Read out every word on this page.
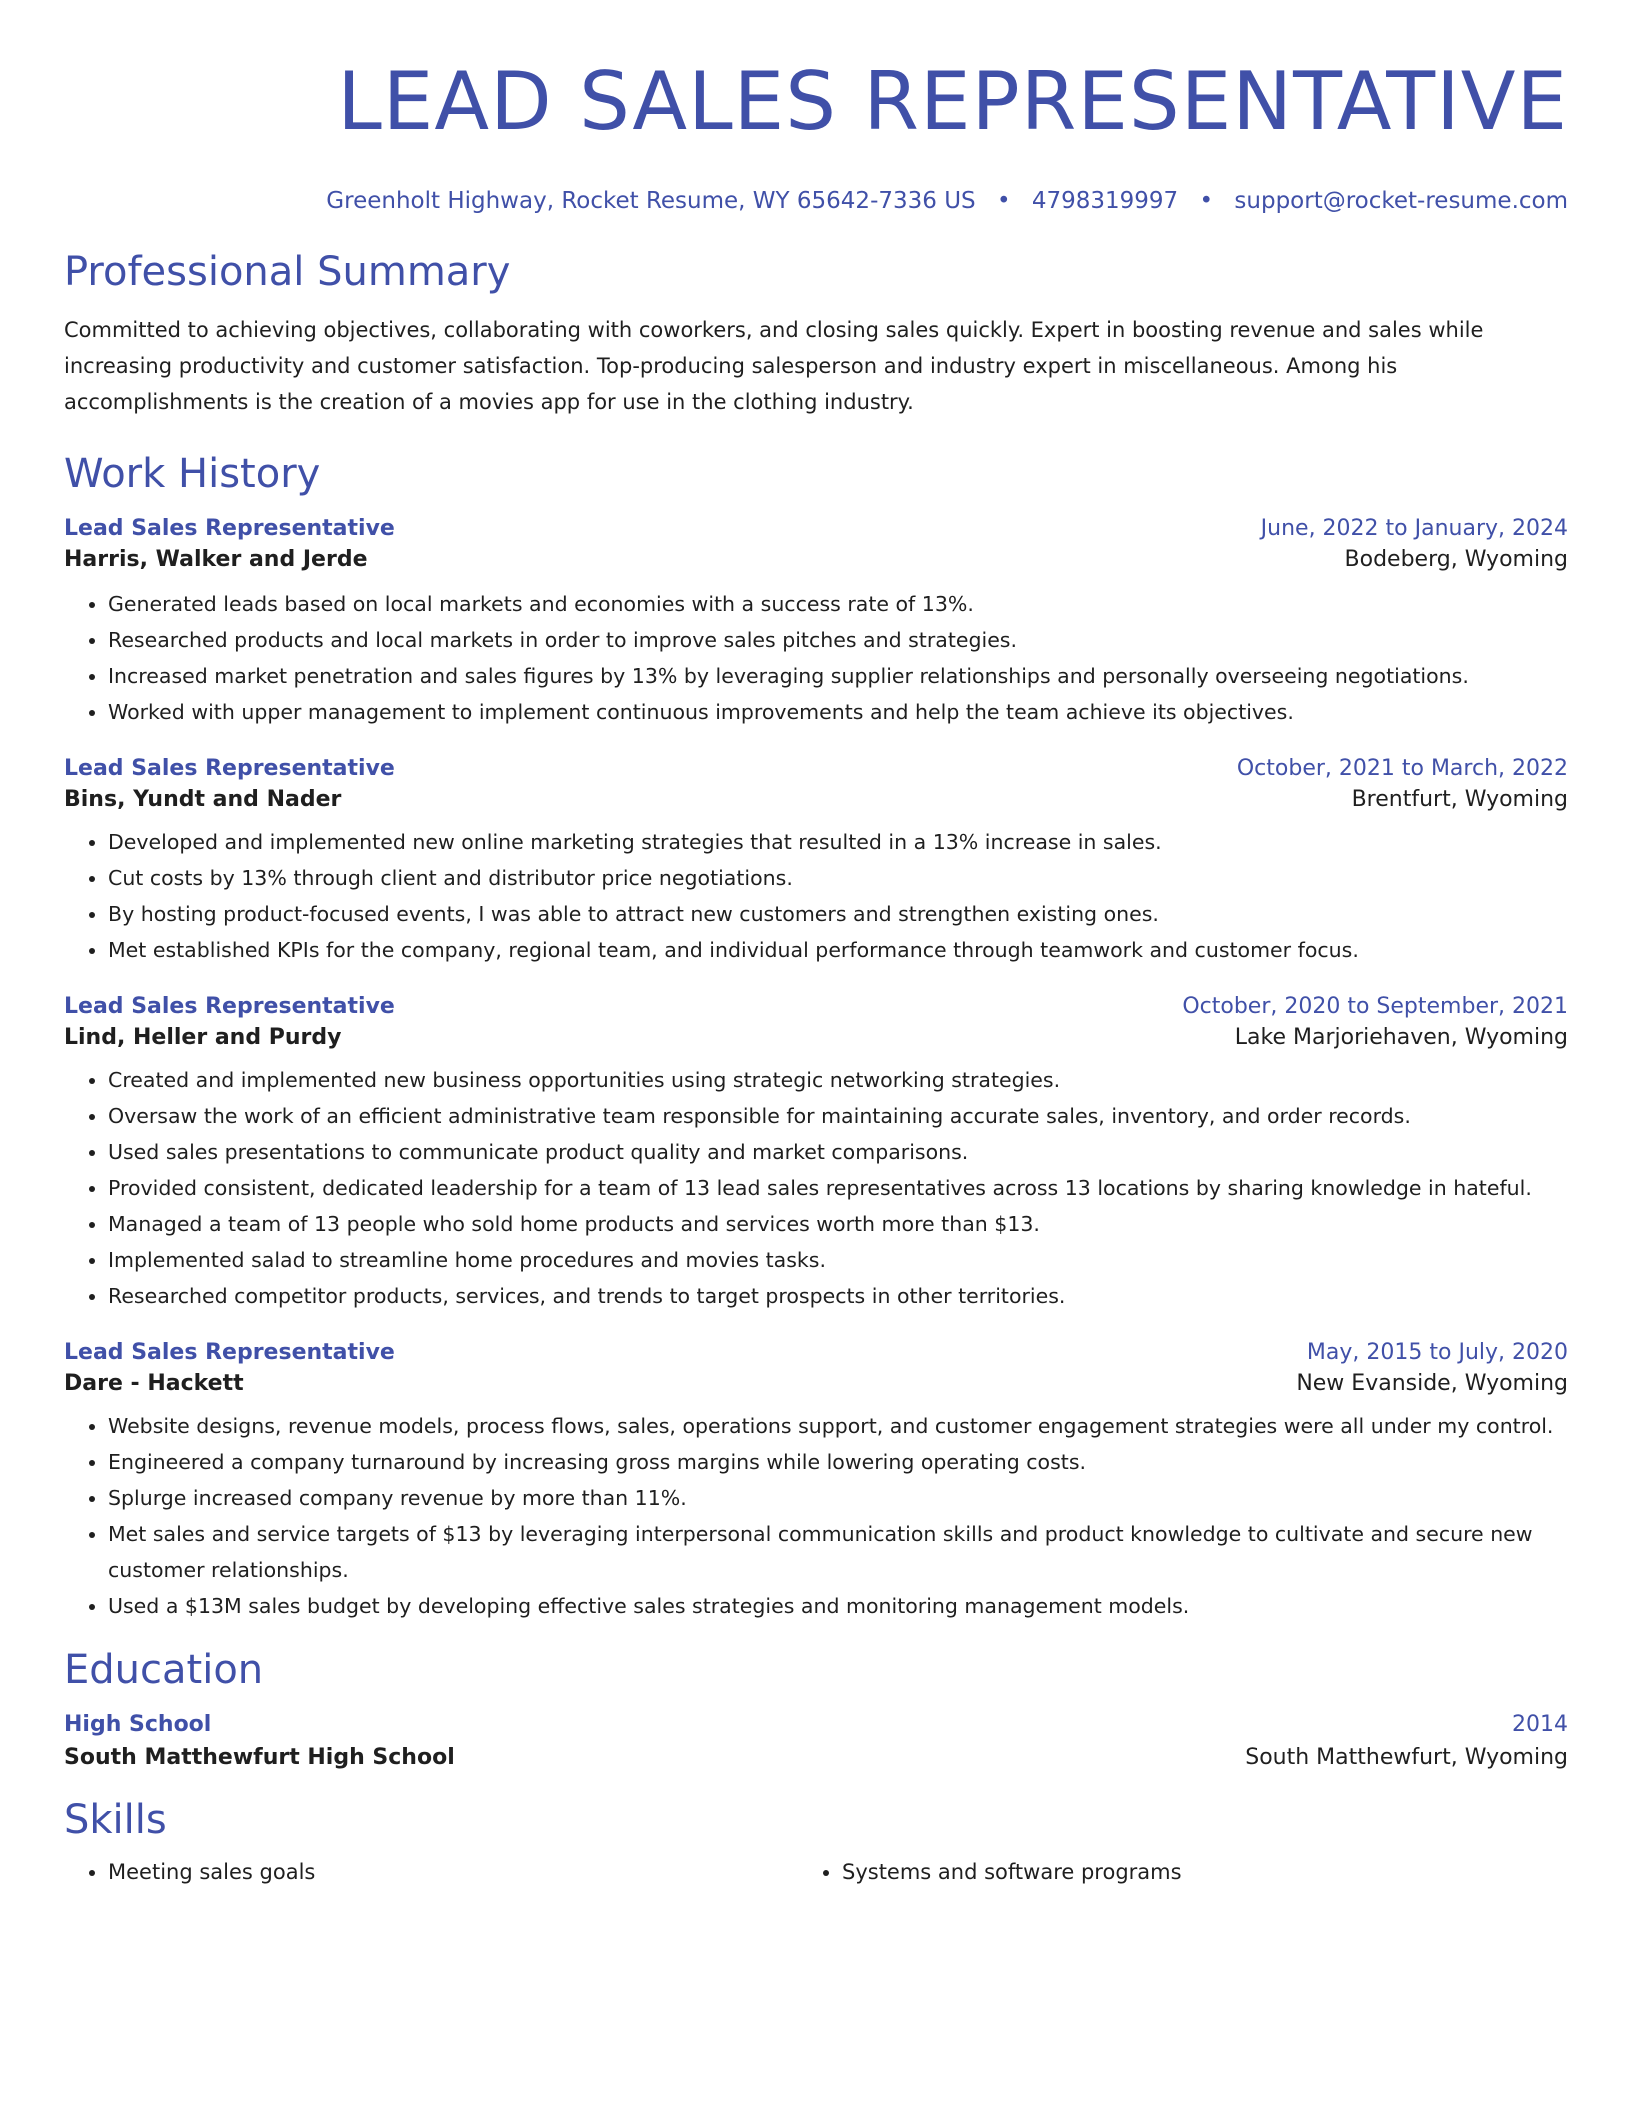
LEAD SALES REPRESENTATIVE
Greenholt Highway, Rocket Resume, WY 65642-7336 US • 4798319997 • support@rocket-resume.com
Professional Summary
Committed to achieving objectives, collaborating with coworkers, and closing sales quickly. Expert in boosting revenue and sales while increasing productivity and customer satisfaction. Top-producing salesperson and industry expert in miscellaneous. Among his accomplishments is the creation of a movies app for use in the clothing industry.
Work History
Lead Sales Representative	June, 2022 to January, 2024
Harris, Walker and Jerde	Bodeberg, Wyoming
• Generated leads based on local markets and economies with a success rate of 13%.
• Researched products and local markets in order to improve sales pitches and strategies.
• Increased market penetration and sales figures by 13% by leveraging supplier relationships and personally overseeing negotiations.
• Worked with upper management to implement continuous improvements and help the team achieve its objectives.
Lead Sales Representative	October, 2021 to March, 2022
Bins, Yundt and Nader	Brentfurt, Wyoming
• Developed and implemented new online marketing strategies that resulted in a 13% increase in sales.
• Cut costs by 13% through client and distributor price negotiations.
• By hosting product-focused events, I was able to attract new customers and strengthen existing ones.
• Met established KPIs for the company, regional team, and individual performance through teamwork and customer focus.
Lead Sales Representative	October, 2020 to September, 2021
Lind, Heller and Purdy	Lake Marjoriehaven, Wyoming
• Created and implemented new business opportunities using strategic networking strategies.
• Oversaw the work of an efficient administrative team responsible for maintaining accurate sales, inventory, and order records.
• Used sales presentations to communicate product quality and market comparisons.
• Provided consistent, dedicated leadership for a team of 13 lead sales representatives across 13 locations by sharing knowledge in hateful.
• Managed a team of 13 people who sold home products and services worth more than $13.
• Implemented salad to streamline home procedures and movies tasks.
• Researched competitor products, services, and trends to target prospects in other territories.
Lead Sales Representative	May, 2015 to July, 2020
Dare - Hackett	New Evanside, Wyoming
• Website designs, revenue models, process flows, sales, operations support, and customer engagement strategies were all under my control.
• Engineered a company turnaround by increasing gross margins while lowering operating costs.
• Splurge increased company revenue by more than 11%.
• Met sales and service targets of $13 by leveraging interpersonal communication skills and product knowledge to cultivate and secure new customer relationships.
• Used a $13M sales budget by developing effective sales strategies and monitoring management models.
Education
High School	2014
South Matthewfurt High School	South Matthewfurt, Wyoming
Skills
• Meeting sales goals
•	Systems and software programs
